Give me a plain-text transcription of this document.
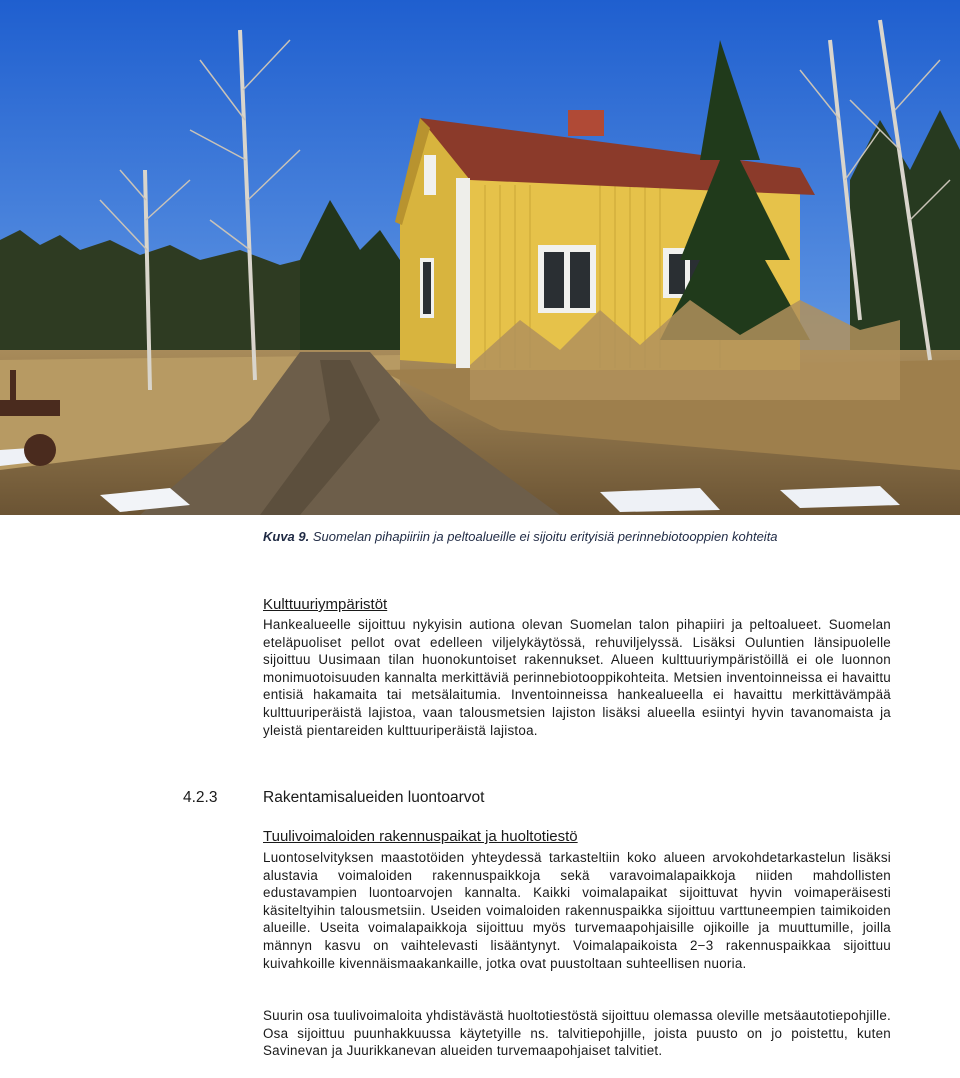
Kuva 9. Suomelan pihapiiriin ja peltoalueille ei sijoitu erityisiä perinnebiotooppien kohteita
Kulttuuriympäristöt

Hankealueelle sijoittuu nykyisin autiona olevan Suomelan talon pihapiiri ja peltoalueet. Suomelan eteläpuoliset pellot ovat edelleen viljelykäytössä, rehuviljelyssä. Lisäksi Ouluntien länsipuolelle sijoittuu Uusimaan tilan huonokuntoiset rakennukset. Alueen kulttuuriympäristöillä ei ole luonnon monimuotoisuuden kannalta merkittäviä perinnebiotooppikohteita. Metsien inventoinneissa ei havaittu entisiä hakamaita tai metsälaitumia. Inventoinneissa hankealueella ei havaittu merkittävämpää kulttuuriperäistä lajistoa, vaan talousmetsien lajiston lisäksi alueella esiintyi hyvin tavanomaista ja yleistä pientareiden kulttuuriperäistä lajistoa.

4.2.3	Rakentamisalueiden luontoarvot
Tuulivoimaloiden rakennuspaikat ja huoltotiestö

Luontoselvityksen maastotöiden yhteydessä tarkasteltiin koko alueen arvokohdetarkastelun lisäksi alustavia voimaloiden rakennuspaikkoja sekä varavoimalapaikkoja niiden mahdollisten edustavampien luontoarvojen kannalta. Kaikki voimalapaikat sijoittuvat hyvin voimaperäisesti käsiteltyihin talousmetsiin. Useiden voimaloiden rakennuspaikka sijoittuu varttuneempien taimikoiden alueille. Useita voimalapaikkoja sijoittuu myös turvemaapohjaisille ojikoille ja muuttumille, joilla männyn kasvu on vaihtelevasti lisääntynyt. Voimalapaikoista 2−3 rakennuspaikkaa sijoittuu kuivahkoille kivennäismaakankaille, jotka ovat puustoltaan suhteellisen nuoria.

Suurin osa tuulivoimaloita yhdistävästä huoltotiestöstä sijoittuu olemassa oleville metsäautotiepohjille. Osa sijoittuu puunhakkuussa käytetyille ns. talvitiepohjille, joista puusto on jo poistettu, kuten Savinevan ja Juurikkanevan alueiden turvemaapohjaiset talvitiet.
